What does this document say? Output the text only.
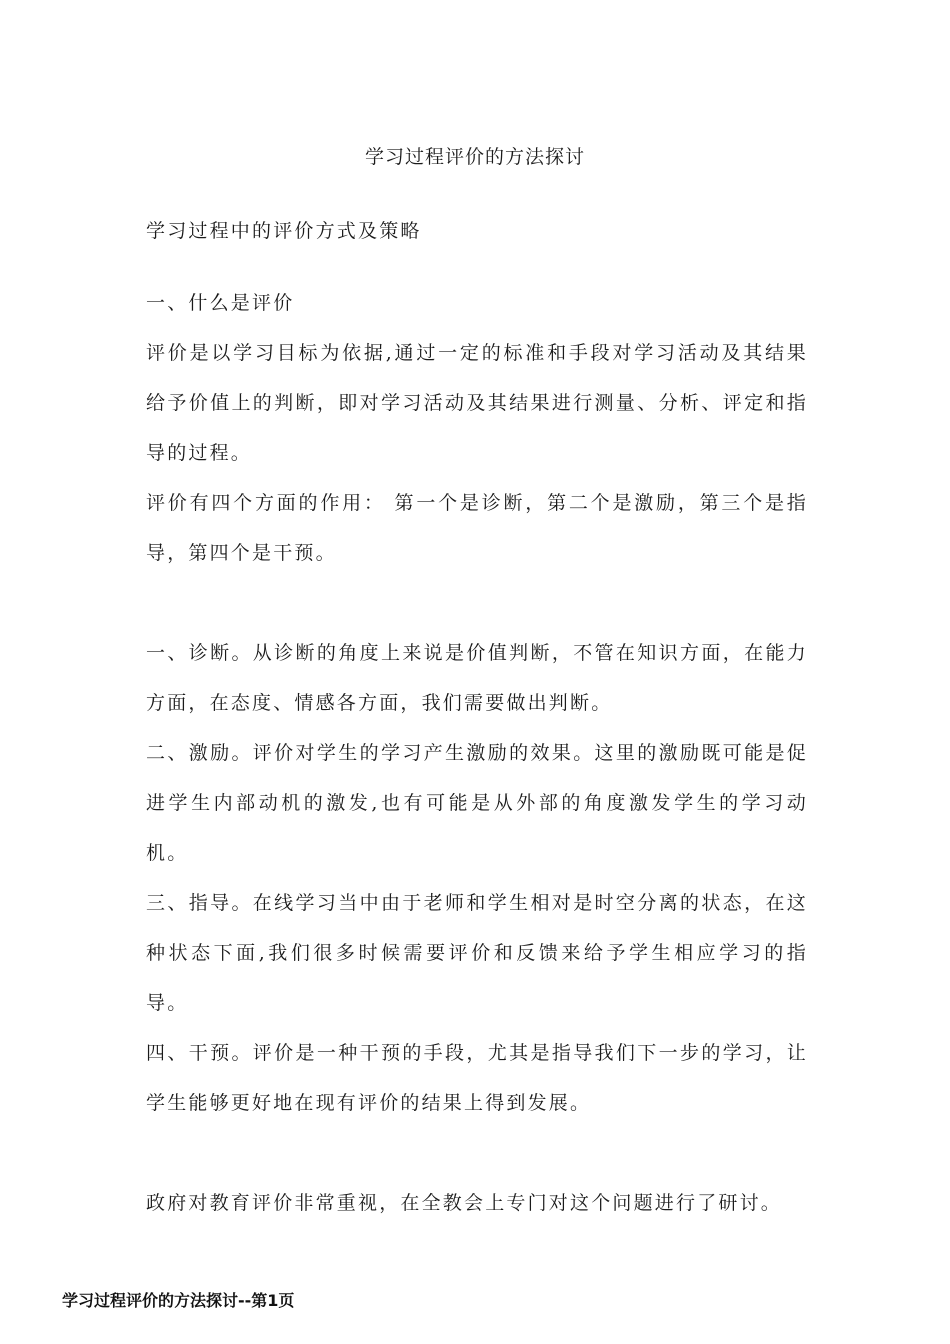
学习过程评价的方法探讨

学习过程中的评价方式及策略

一、什么是评价

评价是以学习目标为依据,通过一定的标准和手段对学习活动及其结果给予价值上的判断，即对学习活动及其结果进行测量、分析、评定和指导的过程。

评价有四个方面的作用： 第一个是诊断，第二个是激励，第三个是指导，第四个是干预。

一、诊断。从诊断的角度上来说是价值判断，不管在知识方面，在能力方面，在态度、情感各方面，我们需要做出判断。

二、激励。评价对学生的学习产生激励的效果。这里的激励既可能是促进学生内部动机的激发,也有可能是从外部的角度激发学生的学习动机。

三、指导。在线学习当中由于老师和学生相对是时空分离的状态，在这种状态下面,我们很多时候需要评价和反馈来给予学生相应学习的指导。

四、干预。评价是一种干预的手段，尤其是指导我们下一步的学习，让学生能够更好地在现有评价的结果上得到发展。

政府对教育评价非常重视，在全教会上专门对这个问题进行了研讨。

学习过程评价的方法探讨--第1页
